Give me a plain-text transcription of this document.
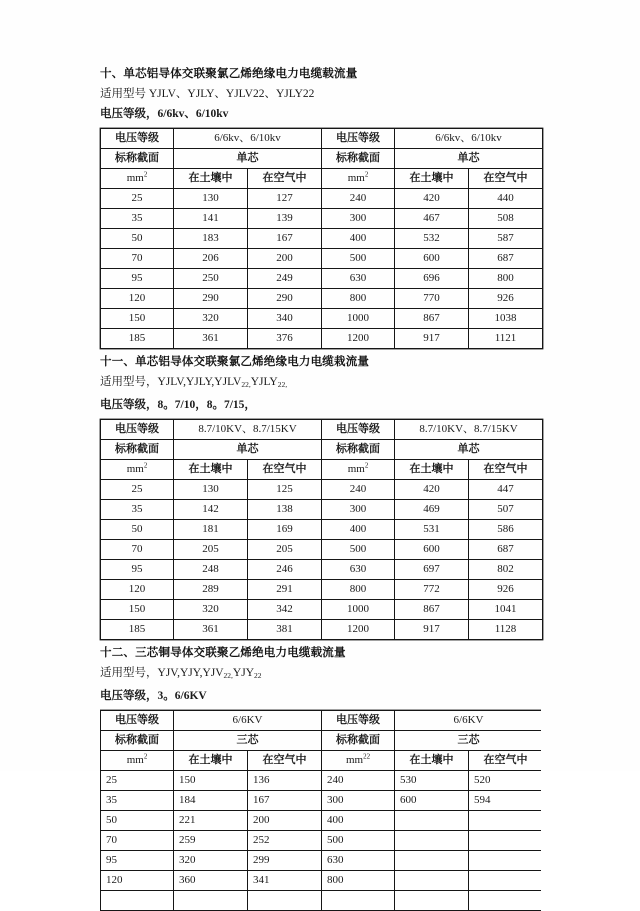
十、单芯铝导体交联聚氯乙烯绝缘电力电缆载流量
适用型号 YJLV、YJLY、YJLV22、YJLY22
电压等级，6/6kv、6/10kv
电压等级	6/6kv、6/10kv		电压等级	6/6kv、6/10kv	
标称截面	单芯		标称截面	单芯	
$mm^2$	在土壤中	在空气中	$mm^2$	在土壤中	在空气中
25	130	127	240	420	440
35	141	139	300	467	508
50	183	167	400	532	587
70	206	200	500	600	687
95	250	249	630	696	800
120	290	290	800	770	926
150	320	340	1000	867	1038
185	361	376	1200	917	1121
十一、单芯铝导体交联聚氯乙烯绝缘电力电缆栽流量
适用型号，$YJLV,YJLY,YJLV_{22,}YJLY_{22,}$
电压等级，8。7/10，8。7/15，
电压等级	8.7/10KV、8.7/15KV		电压等级	8.7/10KV、8.7/15KV	
标称截面	单芯		标称截面	单芯	
$mm^2$	在土壤中	在空气中	$mm^2$	在土壤中	在空气中
25	130	125	240	420	447
35	142	138	300	469	507
50	181	169	400	531	586
70	205	205	500	600	687
95	248	246	630	697	802
120	289	291	800	772	926
150	320	342	1000	867	1041
185	361	381	1200	917	1128
十二、三芯铜导体交联聚乙烯绝电力电缆载流量
适用型号，$YJV,YJY,YJV_{22,}YJY_{22}$
电压等级，3。6/6KV
电压等级	6/6KV		电压等级	6/6KV	
标称截面	三芯		标称截面	三芯	
$mm^2$	在土壤中	在空气中	$mm^{22}$	在土壤中	在空气中
25	150	136	240	530	520
35	184	167	300	600	594
50	221	200	400		
70	259	252	500		
95	320	299	630		
120	360	341	800		
